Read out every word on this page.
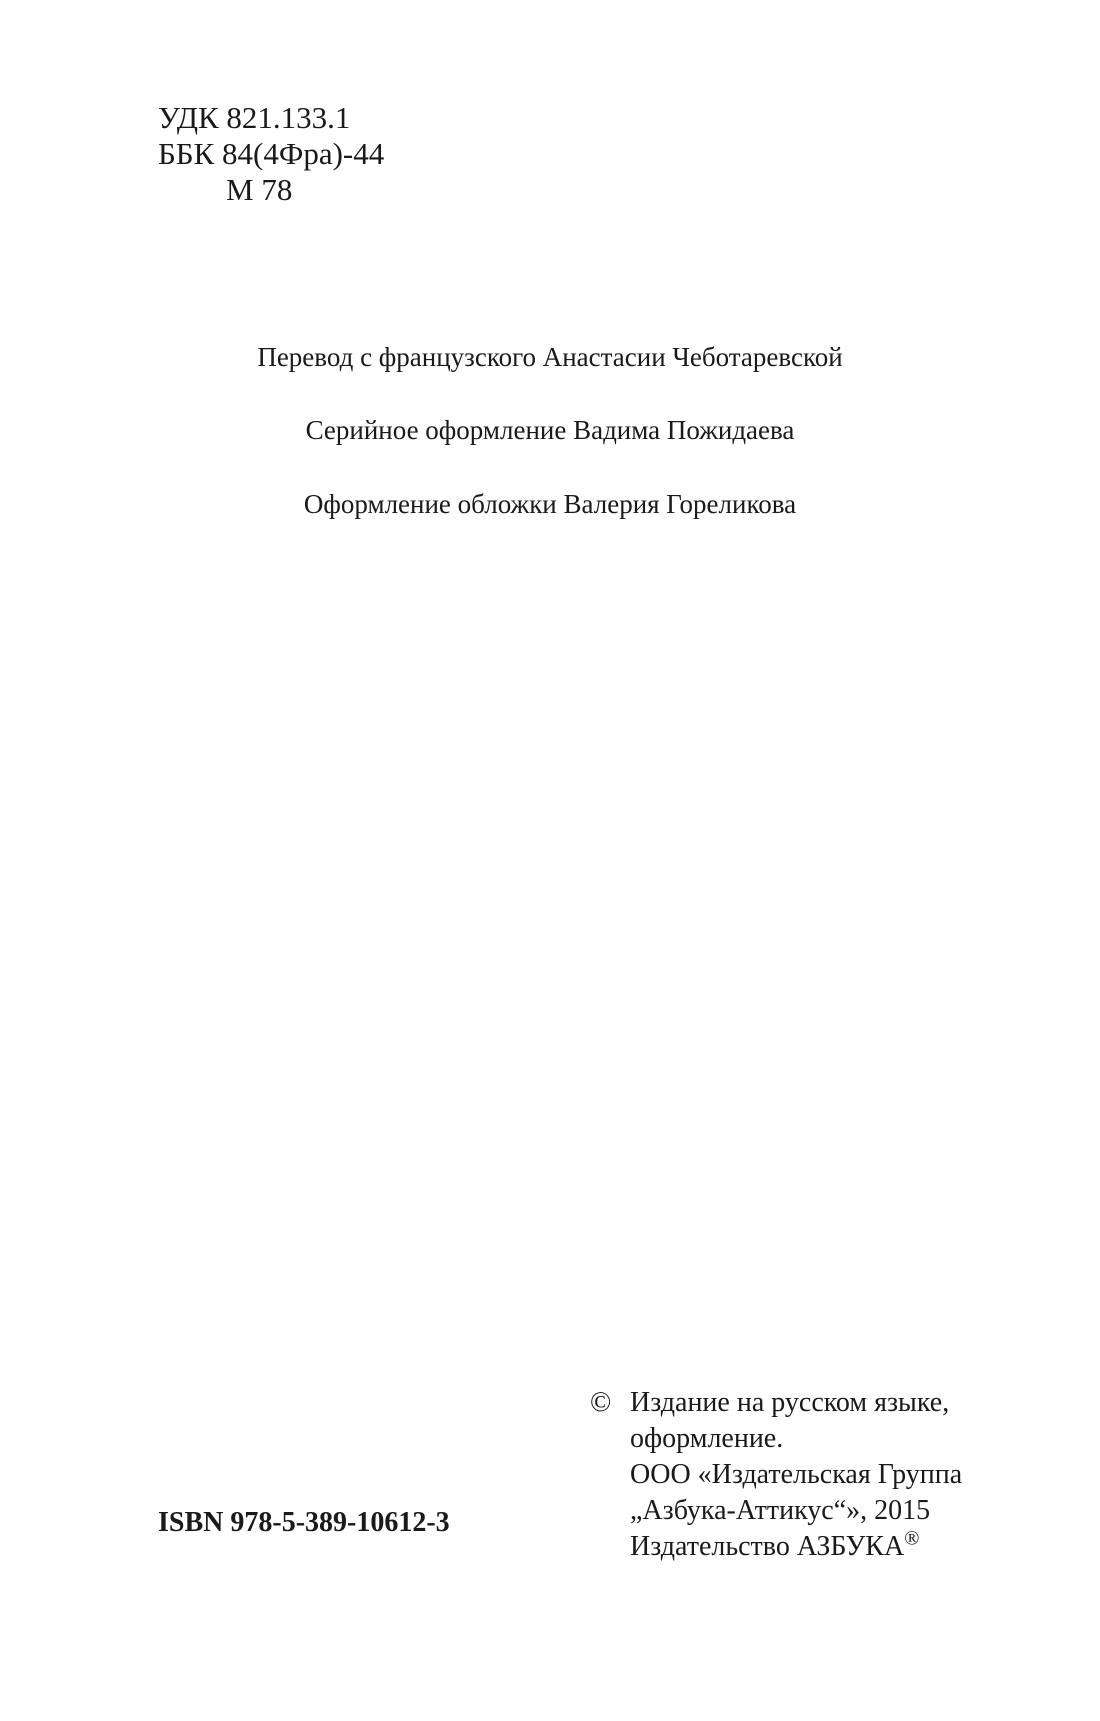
УДК 821.133.1
ББК 84(4Фра)-44
М 78
Перевод с французского Анастасии Чеботаревской
Серийное оформление Вадима Пожидаева
Оформление обложки Валерия Гореликова
ISBN 978-5-389-10612-3
© Издание на русском языке,
оформление.
ООО «Издательская Группа
„Азбука-Аттикус“», 2015
Издательство АЗБУКА®
